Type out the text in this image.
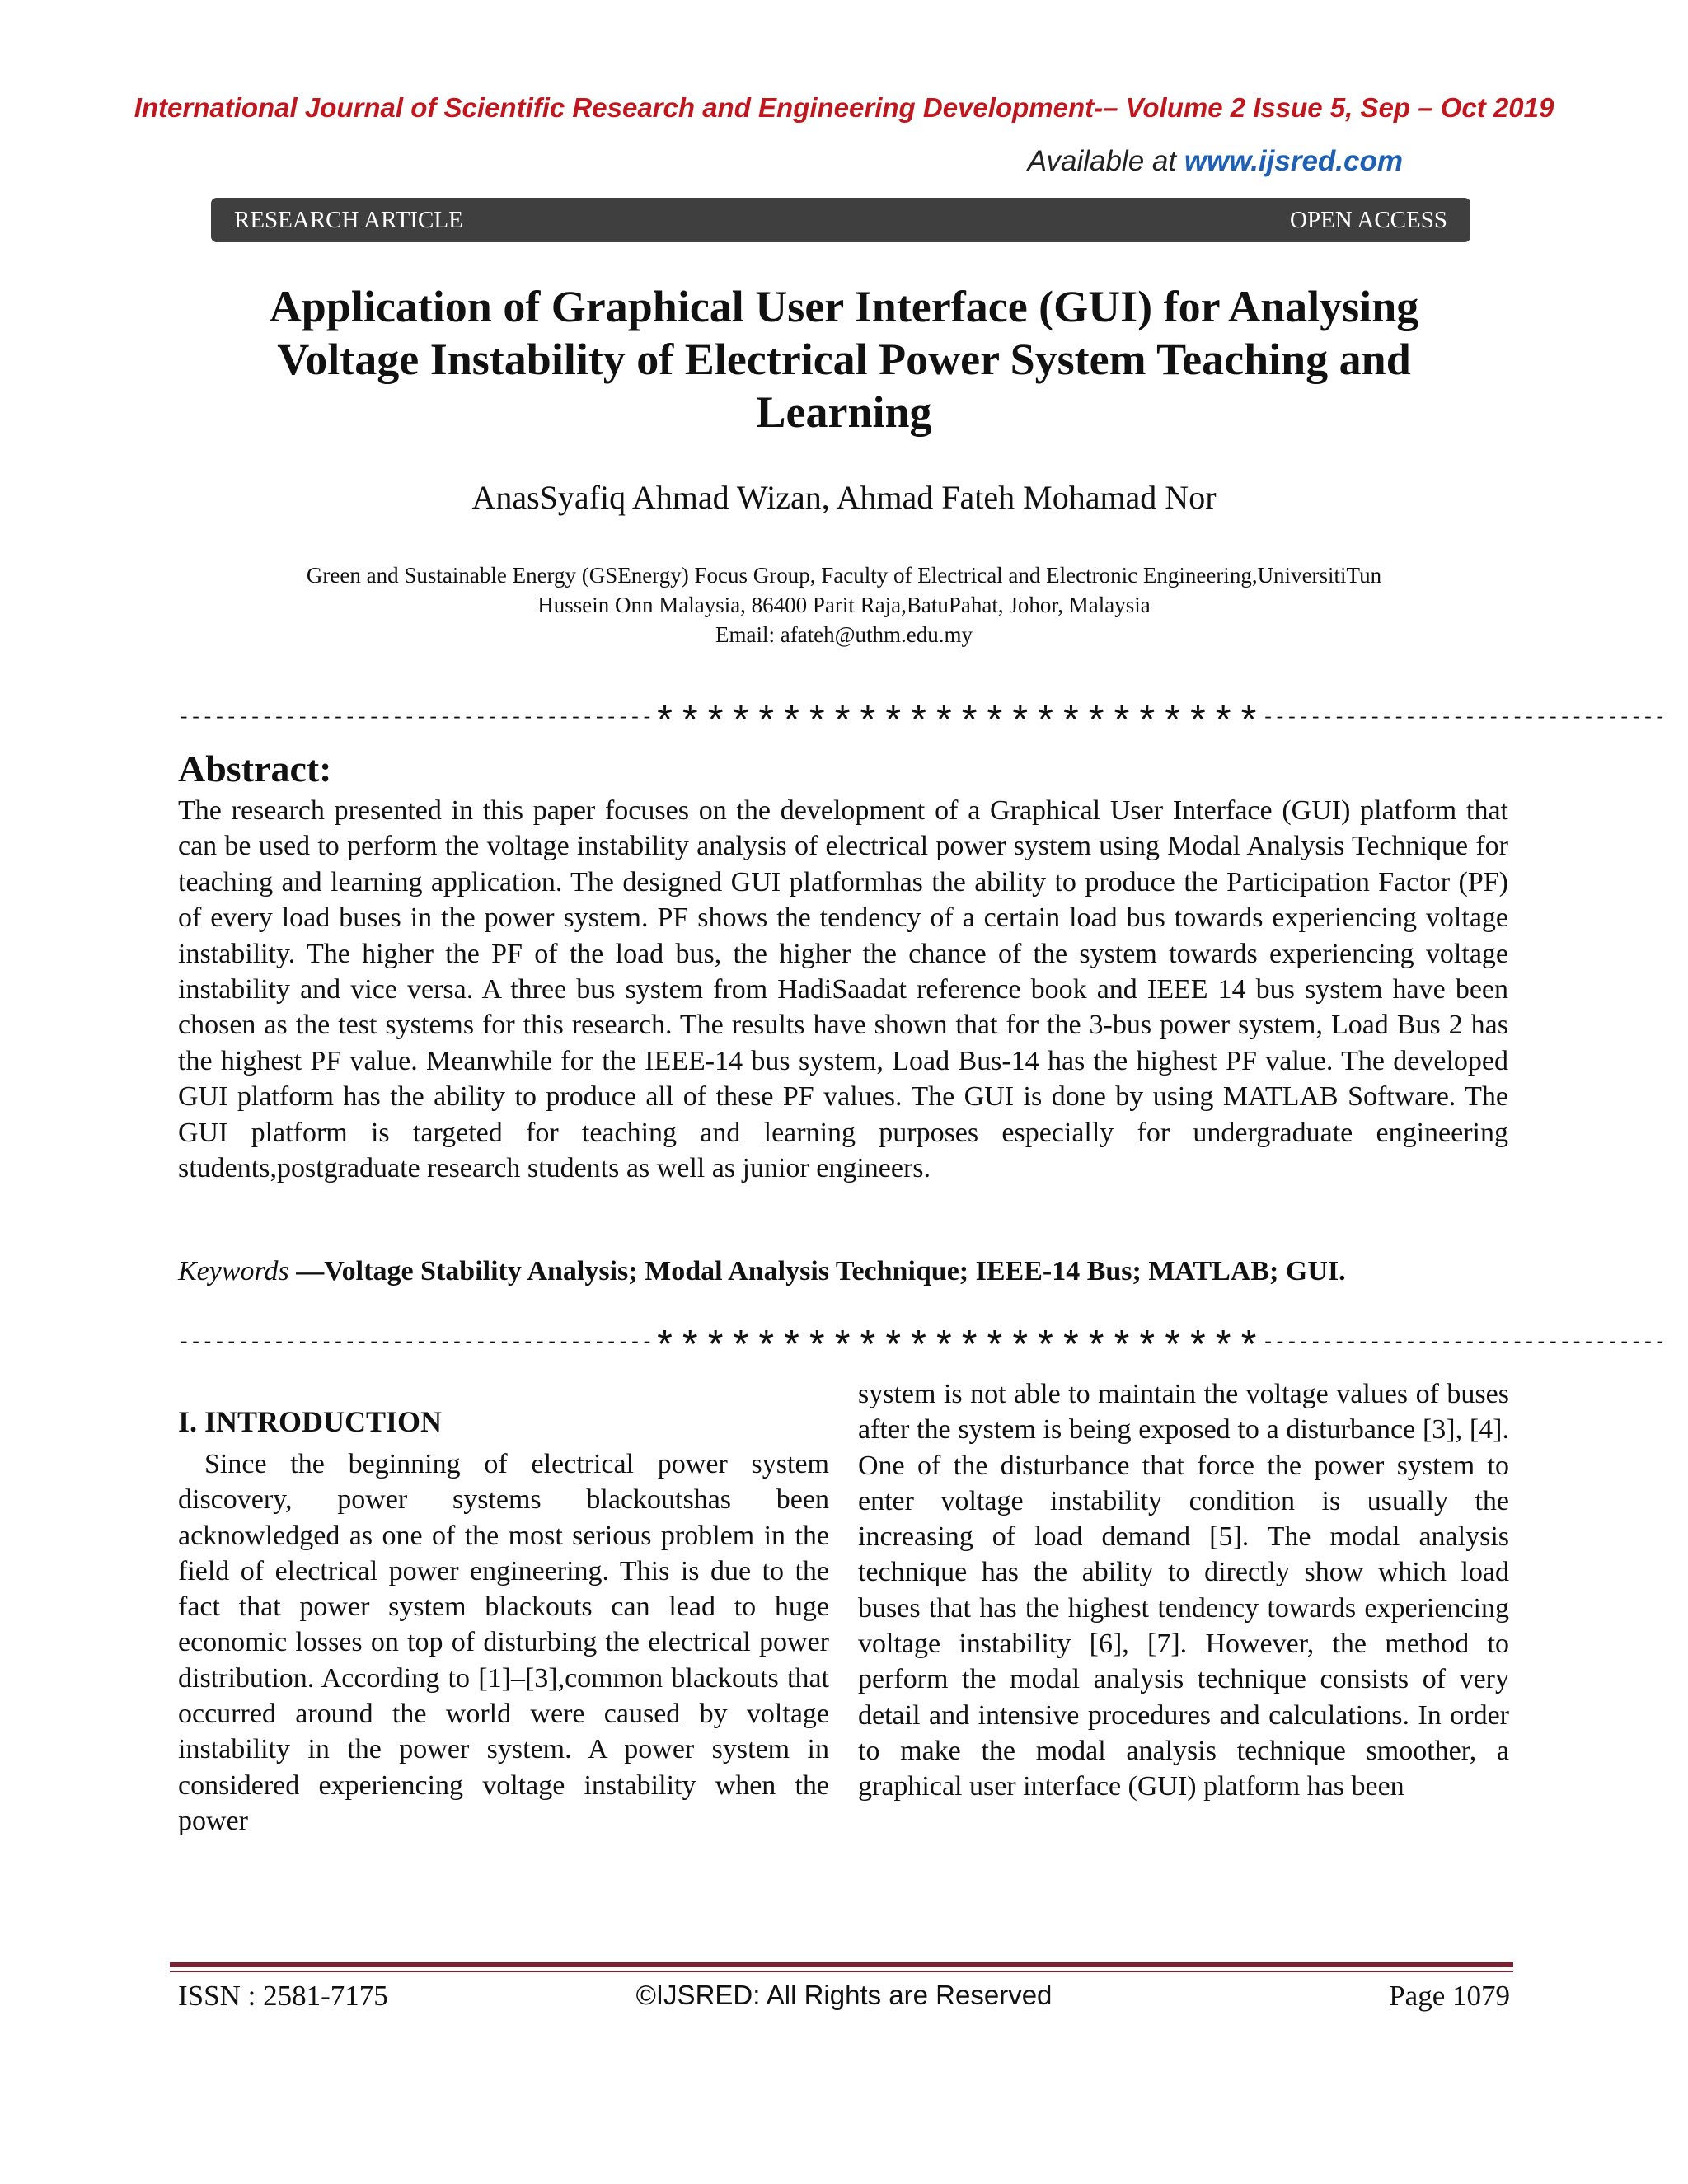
International Journal of Scientific Research and Engineering Development-– Volume 2 Issue 5, Sep – Oct 2019
Available at www.ijsred.com
RESEARCH ARTICLE	OPEN ACCESS
Application of Graphical User Interface (GUI) for Analysing
Voltage Instability of Electrical Power System Teaching and
Learning
AnasSyafiq Ahmad Wizan, Ahmad Fateh Mohamad Nor
Green and Sustainable Energy (GSEnergy) Focus Group, Faculty of Electrical and Electronic Engineering,UniversitiTun
Hussein Onn Malaysia, 86400 Parit Raja,BatuPahat, Johor, Malaysia
Email: afateh@uthm.edu.my
----------------------------------------************************----------------------------------
Abstract:
The research presented in this paper focuses on the development of a Graphical User Interface (GUI) platform that can be used to perform the voltage instability analysis of electrical power system using Modal Analysis Technique for teaching and learning application. The designed GUI platformhas the ability to produce the Participation Factor (PF) of every load buses in the power system. PF shows the tendency of a certain load bus towards experiencing voltage instability. The higher the PF of the load bus, the higher the chance of the system towards experiencing voltage instability and vice versa. A three bus system from HadiSaadat reference book and IEEE 14 bus system have been chosen as the test systems for this research. The results have shown that for the 3-bus power system, Load Bus 2 has the highest PF value. Meanwhile for the IEEE-14 bus system, Load Bus-14 has the highest PF value. The developed GUI platform has the ability to produce all of these PF values. The GUI is done by using MATLAB Software. The GUI platform is targeted for teaching and learning purposes especially for undergraduate engineering students,postgraduate research students as well as junior engineers.
Keywords —Voltage Stability Analysis; Modal Analysis Technique; IEEE-14 Bus; MATLAB; GUI.
----------------------------------------************************----------------------------------
I. INTRODUCTION
Since the beginning of electrical power system discovery, power systems blackoutshas been acknowledged as one of the most serious problem in the field of electrical power engineering. This is due to the fact that power system blackouts can lead to huge economic losses on top of disturbing the electrical power distribution. According to [1]–[3],common blackouts that occurred around the world were caused by voltage instability in the power system. A power system in considered experiencing voltage instability when the power
system is not able to maintain the voltage values of buses after the system is being exposed to a disturbance [3], [4]. One of the disturbance that force the power system to enter voltage instability condition is usually the increasing of load demand [5]. The modal analysis technique has the ability to directly show which load buses that has the highest tendency towards experiencing voltage instability [6], [7]. However, the method to perform the modal analysis technique consists of very detail and intensive procedures and calculations. In order to make the modal analysis technique smoother, a graphical user interface (GUI) platform has been
ISSN : 2581-7175	©IJSRED: All Rights are Reserved	Page 1079
